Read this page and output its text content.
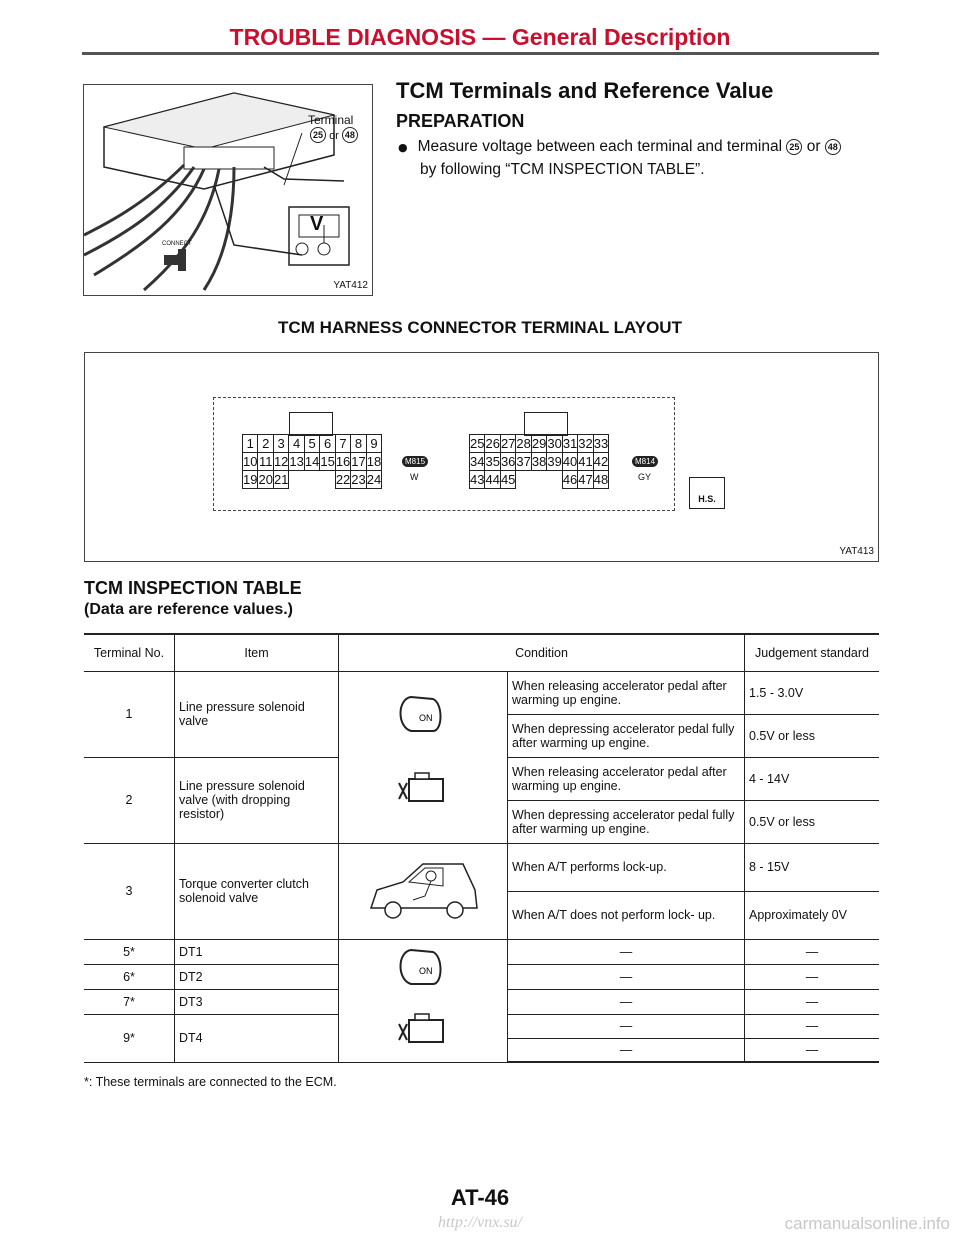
TROUBLE DIAGNOSIS — General Description
Terminal
25 or 48
V
CONNECT
YAT412
TCM Terminals and Reference Value
PREPARATION
● Measure voltage between each terminal and terminal 25 or 48
by following “TCM INSPECTION TABLE”.
TCM HARNESS CONNECTOR TERMINAL LAYOUT
1	2	3	4	5	6	7	8	9
10	11	12	13	14	15	16	17	18
19	20	21				22	23	24
M815
W
25	26	27	28	29	30	31	32	33
34	35	36	37	38	39	40	41	42
43	44	45				46	47	48
M814
GY
H.S.
YAT413
TCM INSPECTION TABLE
(Data are reference values.)
Terminal No.	Item	Condition		Judgement standard
1	Line pressure solenoid valve	ON	When releasing accelerator pedal after warming up engine.	1.5 - 3.0V
			When depressing accelerator pedal fully after warming up engine.	0.5V or less
2	Line pressure solenoid valve (with dropping resistor)		When releasing accelerator pedal after warming up engine.	4 - 14V
			When depressing accelerator pedal fully after warming up engine.	0.5V or less
3	Torque converter clutch solenoid valve		When A/T performs lock-up.	8 - 15V
			When A/T does not perform lock- up.	Approximately 0V
5*	DT1	ON	—	—
6*	DT2		—	—
7*	DT3		—	—
9*	DT4		—	—
			—	—
*: These terminals are connected to the ECM.
AT-46
http://vnx.su/	carmanualsonline.info
